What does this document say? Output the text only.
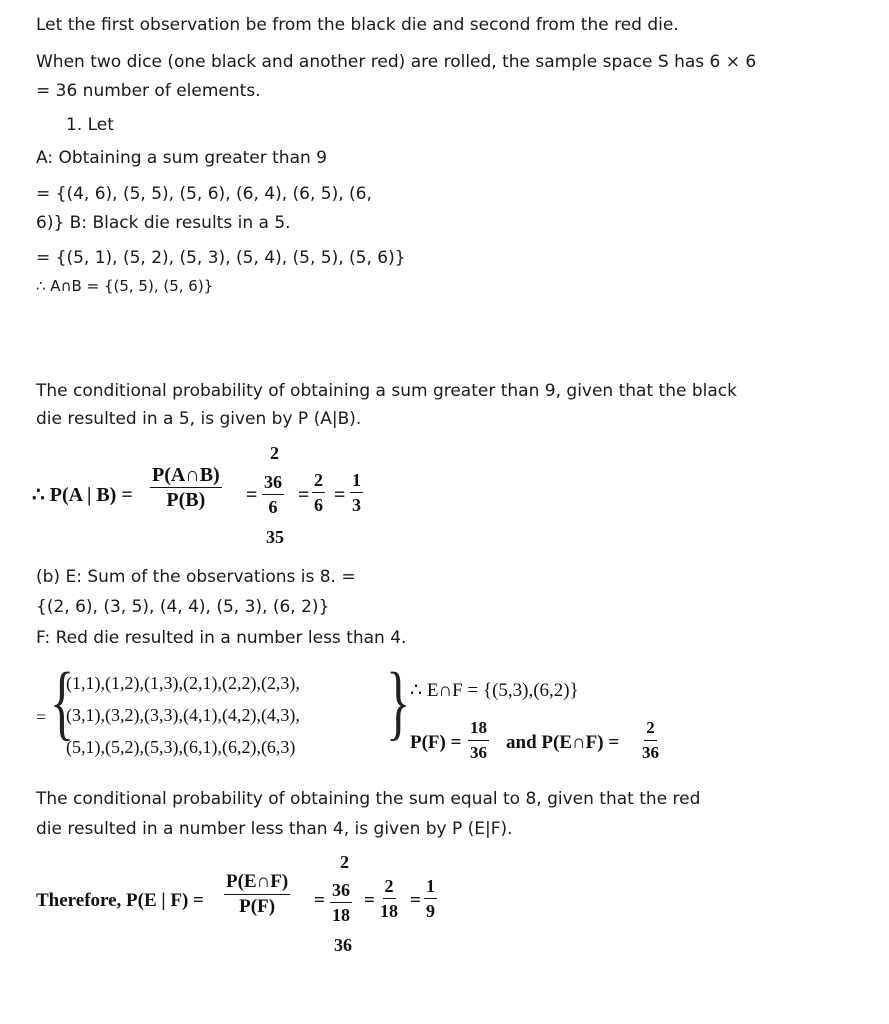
Let the first observation be from the black die and second from the red die.
When two dice (one black and another red) are rolled, the sample space S has 6 × 6
= 36 number of elements.
1. Let
A: Obtaining a sum greater than 9
= {(4, 6), (5, 5), (5, 6), (6, 4), (6, 5), (6,
6)} B: Black die results in a 5.
= {(5, 1), (5, 2), (5, 3), (5, 4), (5, 5), (5, 6)}
∴ A∩B = {(5, 5), (5, 6)}
The conditional probability of obtaining a sum greater than 9, given that the black
die resulted in a 5, is given by P (A|B).
∴ P(A | $B) = \frac{P(A\cap B)}{P(B)}$ =
2
$\frac{36}{6}$
35
= $\frac{2}{6} = \frac{1}{3}$
(b) E: Sum of the observations is 8. =
{(2, 6), (3, 5), (4, 4), (5, 3), (6, 2)}
F: Red die resulted in a number less than 4.
= {
(1,1),(1,2),(1,3),(2,1),(2,2),(2,3),
(3,1),(3,2),(3,3),(4,1),(4,2),(4,3),
(5,1),(5,2),(5,3),(6,1),(6,2),(6,3) } ∴ E∩F = {(5,3),(6,2)}
$P(F) = \frac{18}{36}$ and P(E∩F) = $\frac{2}{36}$
The conditional probability of obtaining the sum equal to 8, given that the red
die resulted in a number less than 4, is given by P (E|F).
Therefore, P(E | $F) = \frac{P(E\cap F)}{P(F)}$ =
2
$\frac{36}{18}$
36
= $\frac{2}{18} = \frac{1}{9}$
